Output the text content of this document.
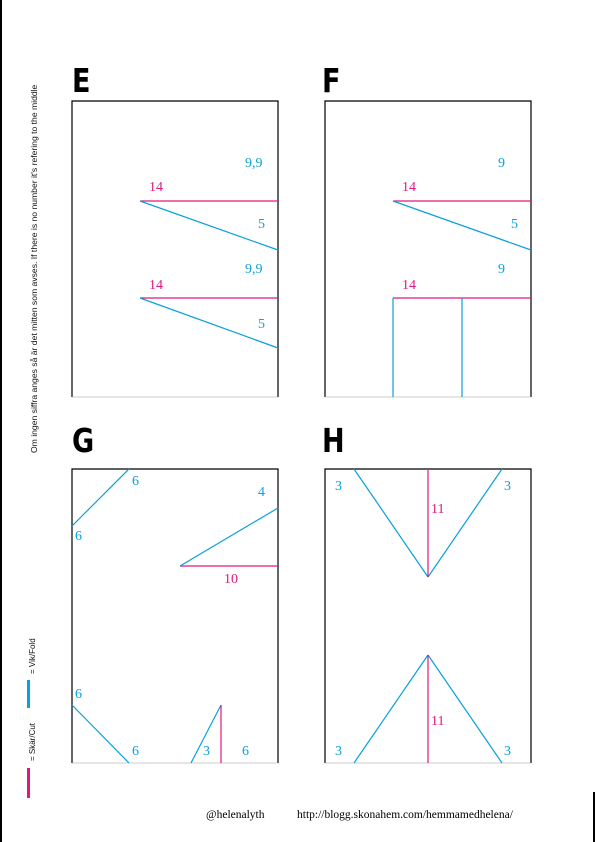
Om ingen siffra anges så är det mitten som avses. If there is no number it's refering to the middle
= Vik/Fold
= Skär/Cut
E	F
G	H
9,9
14
5
9,9
14
5
9
14
5
9
14
6
6
4
10
6
6	3 6
3
11
3
11
3	3
@helenalyth	http://blogg.skonahem.com/hemmamedhelena/
